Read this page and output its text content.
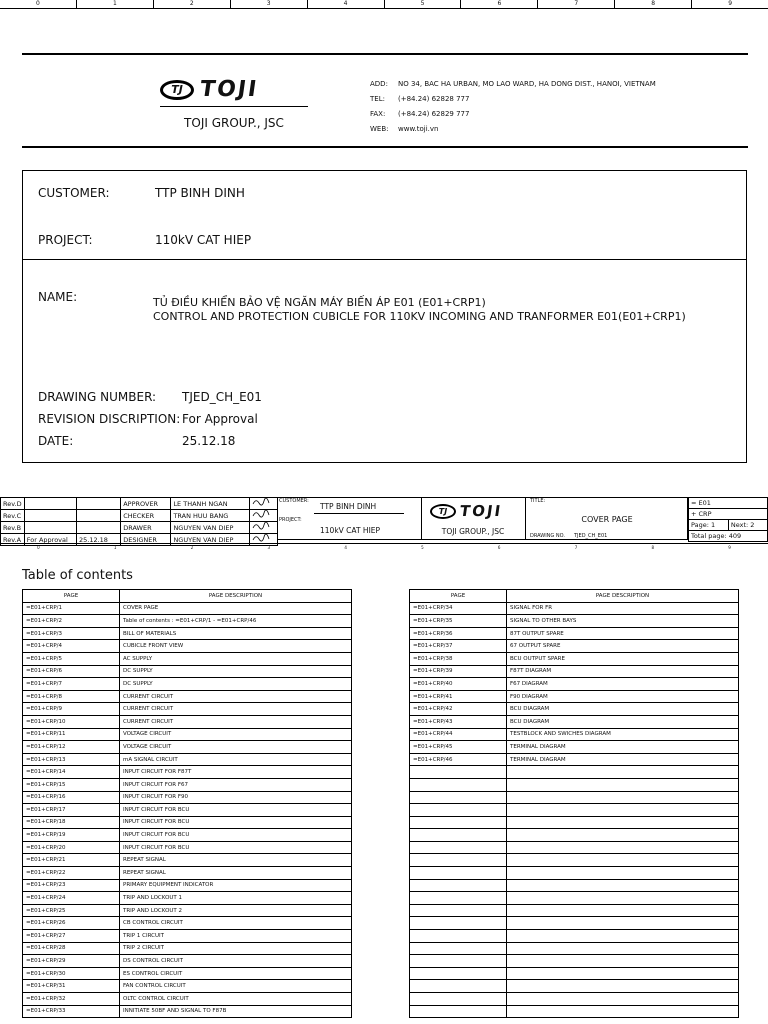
0	1	2	3	4	5	6	7	8	9
TJ TOJI
TOJI GROUP., JSC
ADD:	NO 34, BAC HA URBAN, MO LAO WARD, HA DONG DIST., HANOI, VIETNAM
TEL:	(+84.24) 62828 777
FAX:	(+84.24) 62829 777
WEB:	www.toji.vn
CUSTOMER:	TTP BINH DINH
PROJECT:	110kV CAT HIEP
NAME:	TỦ ĐIỀU KHIỂN BẢO VỆ NGĂN MÁY BIẾN ÁP E01 (E01+CRP1)
CONTROL AND PROTECTION CUBICLE FOR 110KV INCOMING AND TRANFORMER E01(E01+CRP1)
DRAWING NUMBER: TJED_CH_E01
REVISION DISCRIPTION: For Approval
DATE:	25.12.18
Rev.D			APPROVER	LE THANH NGAN	
Rev.C			CHECKER	TRAN HUU BANG	
Rev.B			DRAWER	NGUYEN VAN DIEP	
Rev.A	For Approval	25.12.18	DESIGNER	NGUYEN VAN DIEP	
CUSTOMER:
TTP BINH DINH
PROJECT:
110kV CAT HIEP
TJ TOJI
TOJI GROUP., JSC
TITLE:
COVER PAGE
DRAWING NO. TJED_CH_E01
= E01
+ CRP
Page: 1	Next: 2
Total page: 409
0	1	2	3	4	5	6	7	8	9
Table of contents
PAGE	PAGE DESCRIPTION
=E01+CRP/1	COVER PAGE
=E01+CRP/2	Table of contents : =E01+CRP/1 - =E01+CRP/46
=E01+CRP/3	BILL OF MATERIALS
=E01+CRP/4	CUBICLE FRONT VIEW
=E01+CRP/5	AC SUPPLY
=E01+CRP/6	DC SUPPLY
=E01+CRP/7	DC SUPPLY
=E01+CRP/8	CURRENT CIRCUIT
=E01+CRP/9	CURRENT CIRCUIT
=E01+CRP/10	CURRENT CIRCUIT
=E01+CRP/11	VOLTAGE CIRCUIT
=E01+CRP/12	VOLTAGE CIRCUIT
=E01+CRP/13	mA SIGNAL CIRCUIT
=E01+CRP/14	INPUT CIRCUIT FOR F87T
=E01+CRP/15	INPUT CIRCUIT FOR F67
=E01+CRP/16	INPUT CIRCUIT FOR F90
=E01+CRP/17	INPUT CIRCUIT FOR BCU
=E01+CRP/18	INPUT CIRCUIT FOR BCU
=E01+CRP/19	INPUT CIRCUIT FOR BCU
=E01+CRP/20	INPUT CIRCUIT FOR BCU
=E01+CRP/21	REPEAT SIGNAL
=E01+CRP/22	REPEAT SIGNAL
=E01+CRP/23	PRIMARY EQUIPMENT INDICATOR
=E01+CRP/24	TRIP AND LOCKOUT 1
=E01+CRP/25	TRIP AND LOCKOUT 2
=E01+CRP/26	CB CONTROL CIRCUIT
=E01+CRP/27	TRIP 1 CIRCUIT
=E01+CRP/28	TRIP 2 CIRCUIT
=E01+CRP/29	DS CONTROL CIRCUIT
=E01+CRP/30	ES CONTROL CIRCUIT
=E01+CRP/31	FAN CONTROL CIRCUIT
=E01+CRP/32	OLTC CONTROL CIRCUIT
=E01+CRP/33	INNITIATE 50BF AND SIGNAL TO F87B
PAGE	PAGE DESCRIPTION
=E01+CRP/34	SIGNAL FOR FR
=E01+CRP/35	SIGNAL TO OTHER BAYS
=E01+CRP/36	87T OUTPUT SPARE
=E01+CRP/37	67 OUTPUT SPARE
=E01+CRP/38	BCU OUTPUT SPARE
=E01+CRP/39	F87T DIAGRAM
=E01+CRP/40	F67 DIAGRAM
=E01+CRP/41	F90 DIAGRAM
=E01+CRP/42	BCU DIAGRAM
=E01+CRP/43	BCU DIAGRAM
=E01+CRP/44	TESTBLOCK AND SWICHES DIAGRAM
=E01+CRP/45	TERMINAL DIAGRAM
=E01+CRP/46	TERMINAL DIAGRAM
